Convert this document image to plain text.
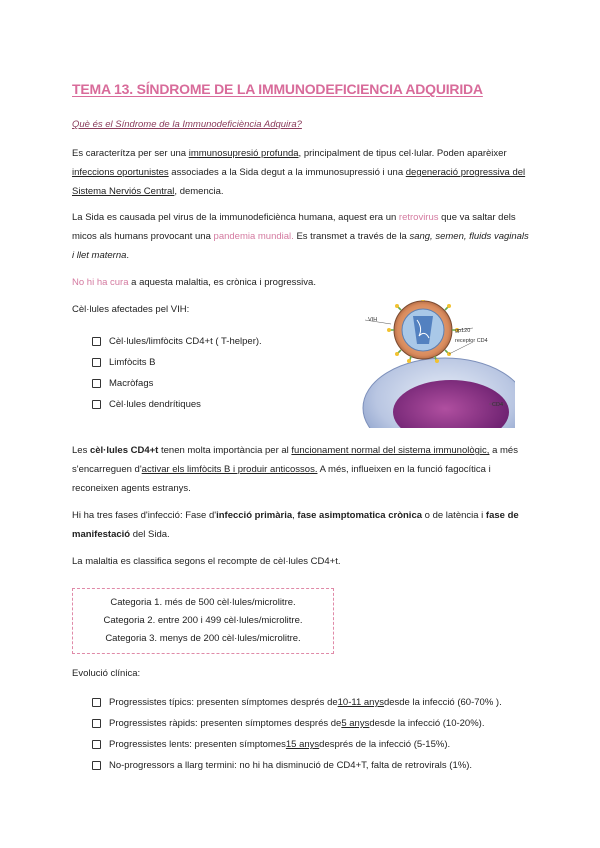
TEMA 13. SÍNDROME DE LA IMMUNODEFICIENCIA ADQUIRIDA
Què és el Síndrome de la Immunodeficiència Adquira?
Es caracterítza per ser una immunosupresió profunda, principalment de tipus cel·lular. Poden aparèixer infeccions oportunistes associades a la Sida degut a la immunosupressió i una degeneració progressiva del Sistema Nerviós Central, demencia.
La Sida es causada pel virus de la immunodeficiènca humana, aquest era un retrovirus que va saltar dels micos als humans provocant una pandemia mundial. Es transmet a través de la sang, semen, fluids vaginals i llet materna.
No hi ha cura a aquesta malaltia, es crònica i progressiva.
Cèl·lules afectades pel VIH:
Cèl·lules/limfòcits CD4+t ( T-helper).
Limfòcits B
Macròfags
Cèl·lules dendrítiques
VIH
gp120
receptor CD4
CD4
Les cèl·lules CD4+t tenen molta importància per al funcionament normal del sistema immunològic, a més s'encarreguen d'activar els limfòcits B i produir anticossos. A més, influeixen en la funció fagocítica i reconeixen agents estranys.
Hi ha tres fases d'infecció: Fase d'infecció primària, fase asimptomatica crònica o de latència i fase de manifestació del Sida.
La malaltia es classifica segons el recompte de cèl·lules CD4+t.
Categoria 1. més de 500 cèl·lules/microlitre.
Categoria 2. entre 200 i 499 cèl·lules/microlitre.
Categoria 3. menys de 200 cèl·lules/microlitre.
Evolució clínica:
Progressistes típics: presenten símptomes després de 10-11 anys desde la infecció (60-70% ).
Progressistes ràpids: presenten símptomes després de 5 anys desde la infecció (10-20%).
Progressistes lents: presenten símptomes 15 anys després de la infecció (5-15%).
No-progressors a llarg termini: no hi ha disminució de CD4+T, falta de retrovirals (1%).
